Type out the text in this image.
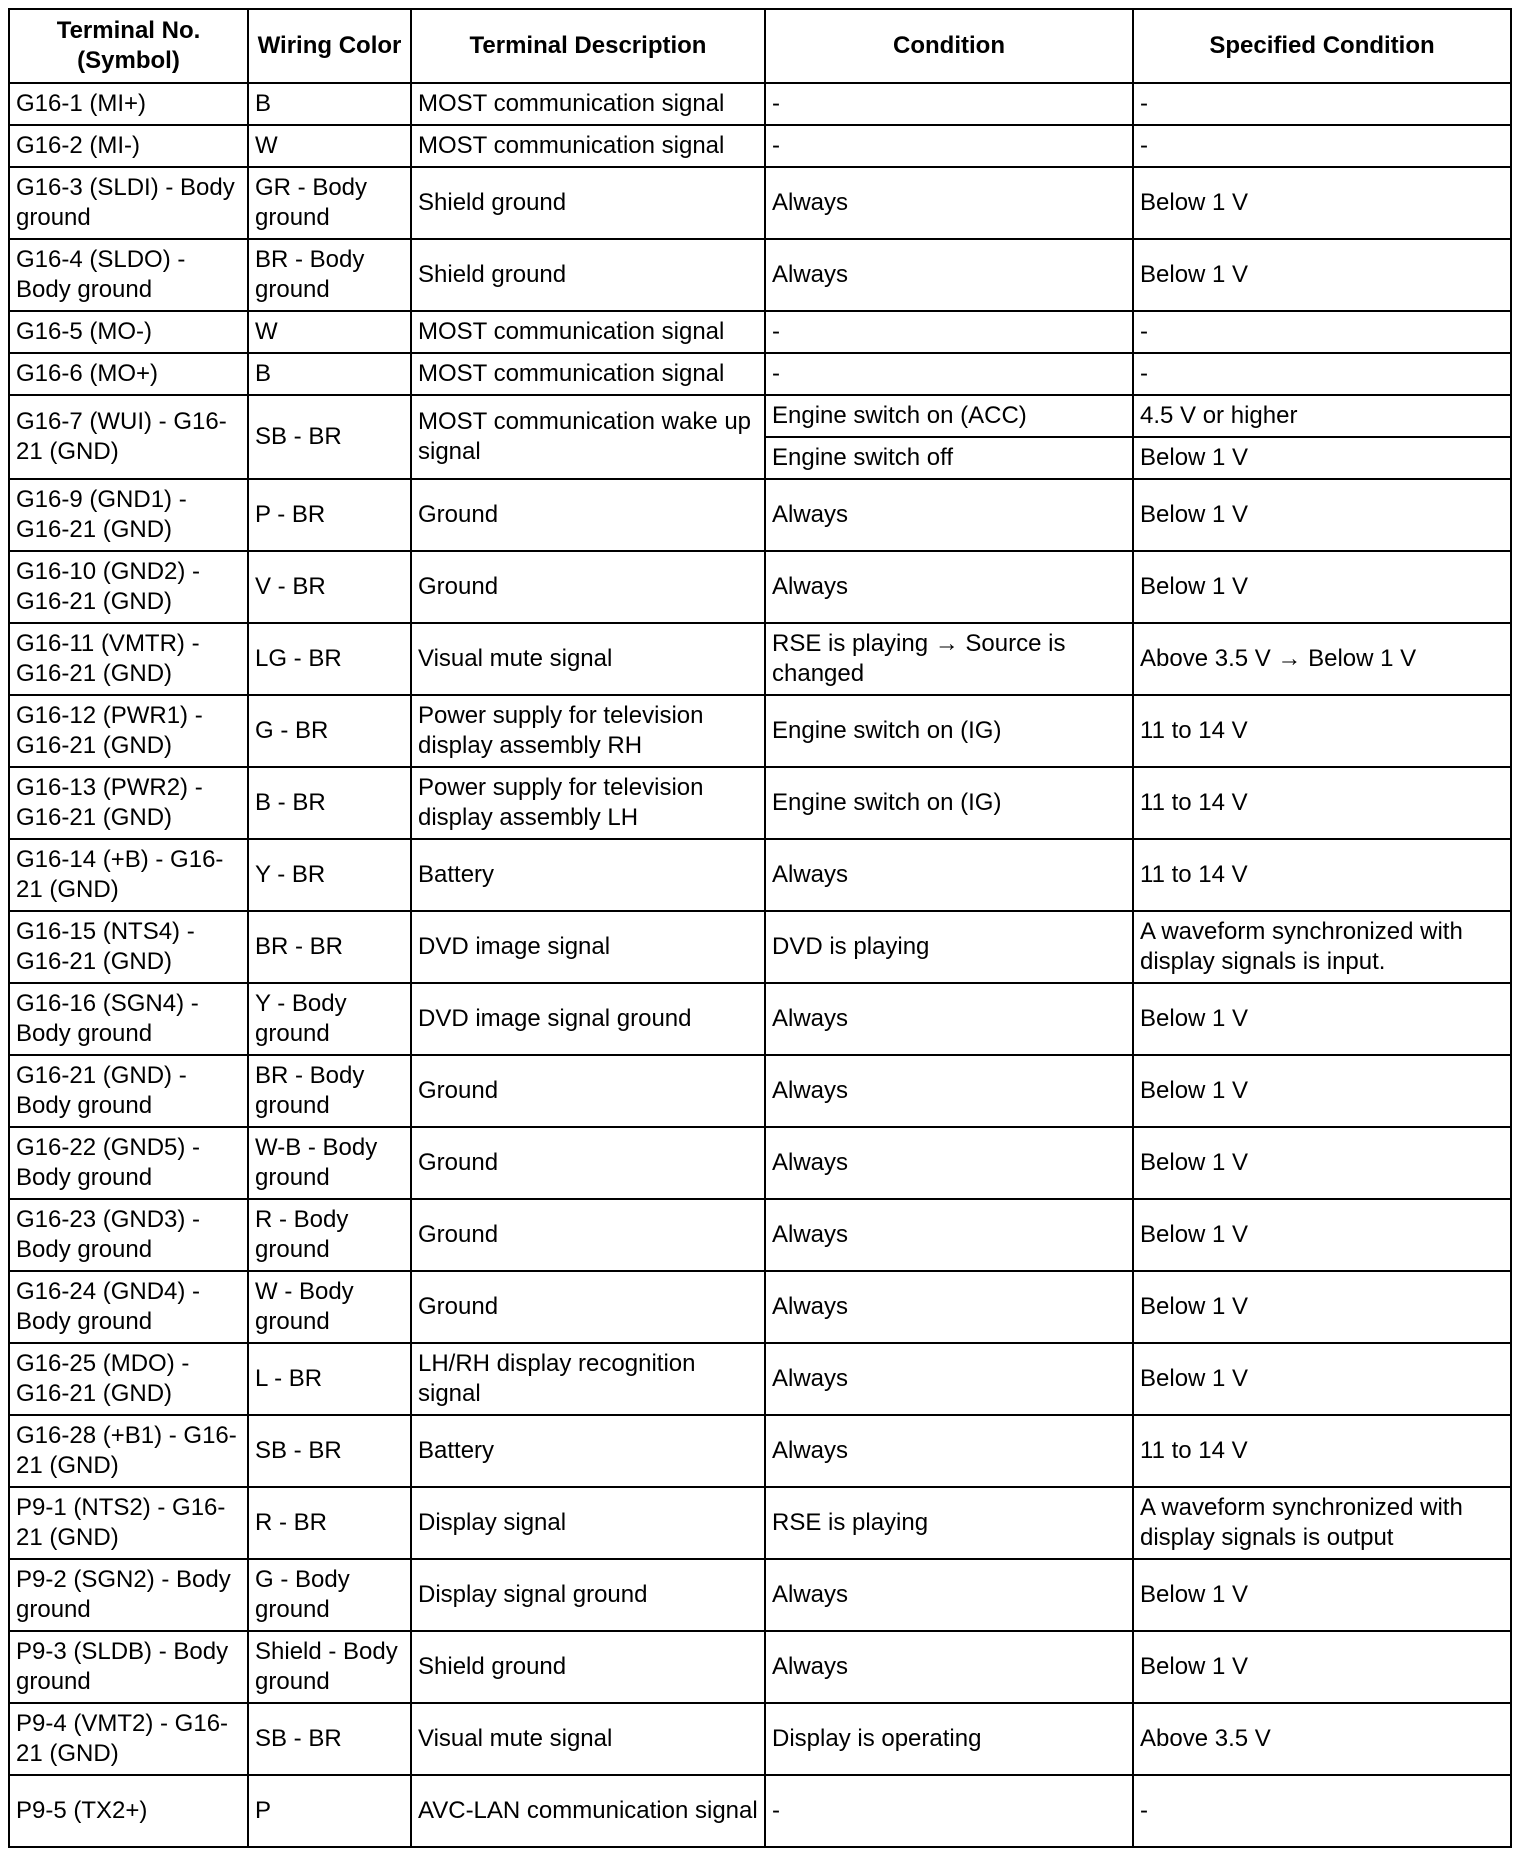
Terminal No. (Symbol)	Wiring Color	Terminal Description	Condition	Specified Condition
G16-1 (MI+)	B	MOST communication signal	-	-
G16-2 (MI-)	W	MOST communication signal	-	-
G16-3 (SLDI) - Body ground	GR - Body ground	Shield ground	Always	Below 1 V
G16-4 (SLDO) - Body ground	BR - Body ground	Shield ground	Always	Below 1 V
G16-5 (MO-)	W	MOST communication signal	-	-
G16-6 (MO+)	B	MOST communication signal	-	-
G16-7 (WUI) - G16-21 (GND)	SB - BR	MOST communication wake up signal	Engine switch on (ACC)	4.5 V or higher
			Engine switch off	Below 1 V
G16-9 (GND1) - G16-21 (GND)	P - BR	Ground	Always	Below 1 V
G16-10 (GND2) - G16-21 (GND)	V - BR	Ground	Always	Below 1 V
G16-11 (VMTR) - G16-21 (GND)	LG - BR	Visual mute signal	RSE is playing → Source is changed	Above 3.5 V → Below 1 V
G16-12 (PWR1) - G16-21 (GND)	G - BR	Power supply for television display assembly RH	Engine switch on (IG)	11 to 14 V
G16-13 (PWR2) - G16-21 (GND)	B - BR	Power supply for television display assembly LH	Engine switch on (IG)	11 to 14 V
G16-14 (+B) - G16-21 (GND)	Y - BR	Battery	Always	11 to 14 V
G16-15 (NTS4) - G16-21 (GND)	BR - BR	DVD image signal	DVD is playing	A waveform synchronized with display signals is input.
G16-16 (SGN4) - Body ground	Y - Body ground	DVD image signal ground	Always	Below 1 V
G16-21 (GND) - Body ground	BR - Body ground	Ground	Always	Below 1 V
G16-22 (GND5) - Body ground	W-B - Body ground	Ground	Always	Below 1 V
G16-23 (GND3) - Body ground	R - Body ground	Ground	Always	Below 1 V
G16-24 (GND4) - Body ground	W - Body ground	Ground	Always	Below 1 V
G16-25 (MDO) - G16-21 (GND)	L - BR	LH/RH display recognition signal	Always	Below 1 V
G16-28 (+B1) - G16-21 (GND)	SB - BR	Battery	Always	11 to 14 V
P9-1 (NTS2) - G16-21 (GND)	R - BR	Display signal	RSE is playing	A waveform synchronized with display signals is output
P9-2 (SGN2) - Body ground	G - Body ground	Display signal ground	Always	Below 1 V
P9-3 (SLDB) - Body ground	Shield - Body ground	Shield ground	Always	Below 1 V
P9-4 (VMT2) - G16-21 (GND)	SB - BR	Visual mute signal	Display is operating	Above 3.5 V
P9-5 (TX2+)	P	AVC-LAN communication signal	-	-
